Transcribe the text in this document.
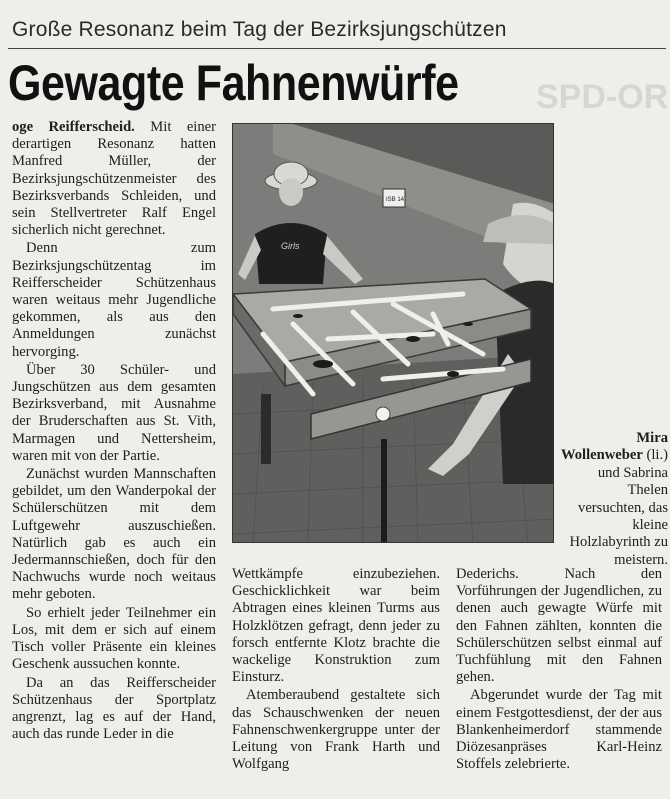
Große Resonanz beim Tag der Bezirksjungschützen
Gewagte Fahnenwürfe SPD-OR

oge Reifferscheid. Mit einer derartigen Resonanz hatten Manfred Müller, der Bezirksjungschützenmeister des Bezirksverbands Schleiden, und sein Stellvertreter Ralf Engel sicherlich nicht gerechnet.

Denn zum Bezirksjungschützentag im Reifferscheider Schützenhaus waren weitaus mehr Jugendliche gekommen, als aus den Anmeldungen zunächst hervorging.

Über 30 Schüler- und Jungschützen aus dem gesamten Bezirksverband, mit Ausnahme der Bruderschaften aus St. Vith, Marmagen und Nettersheim, waren mit von der Partie.

Zunächst wurden Mannschaften gebildet, um den Wanderpokal der Schülerschützen mit dem Luftgewehr auszuschießen. Natürlich gab es auch ein Jedermannschießen, doch für den Nachwuchs wurde noch weitaus mehr geboten.

So erhielt jeder Teilnehmer ein Los, mit dem er sich auf einem Tisch voller Präsente ein kleines Geschenk aussuchen konnte.

Da an das Reifferscheider Schützenhaus der Sportplatz angrenzt, lag es auf der Hand, auch das runde Leder in die

ISB 14
Girls
Mira Wollenweber (li.) und Sabrina Thelen versuchten, das kleine Holzlabyrinth zu meistern.

Wettkämpfe einzubeziehen. Geschicklichkeit war beim Abtragen eines kleinen Turms aus Holzklötzen gefragt, denn jeder zu forsch entfernte Klotz brachte die wackelige Konstruktion zum Einsturz.

Atemberaubend gestaltete sich das Schauschwenken der neuen Fahnenschwenkergruppe unter der Leitung von Frank Harth und Wolfgang

Dederichs. Nach den Vorführungen der Jugendlichen, zu denen auch gewagte Würfe mit den Fahnen zählten, konnten die Schülerschützen selbst einmal auf Tuchfühlung mit den Fahnen gehen.

Abgerundet wurde der Tag mit einem Festgottesdienst, der der aus Blankenheimerdorf stammende Diözesanpräses Karl-Heinz Stoffels zelebrierte.
